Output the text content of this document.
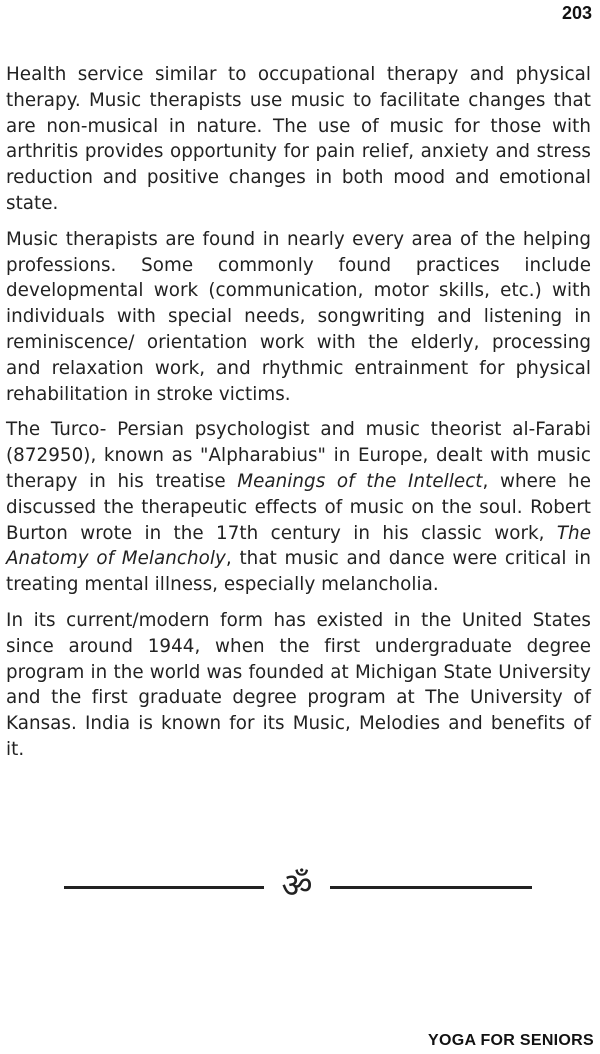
203

Health service similar to occupational therapy and physical therapy. Music therapists use music to facilitate changes that are non-musical in nature. The use of music for those with arthritis provides opportunity for pain relief, anxiety and stress reduction and positive changes in both mood and emotional state.

Music therapists are found in nearly every area of the helping professions. Some commonly found practices include developmental work (communication, motor skills, etc.) with individuals with special needs, songwriting and listening in reminiscence/ orientation work with the elderly, processing and relaxation work, and rhythmic entrainment for physical rehabilitation in stroke victims.

The Turco- Persian psychologist and music theorist al-Farabi (872950), known as "Alpharabius" in Europe, dealt with music therapy in his treatise Meanings of the Intellect, where he discussed the therapeutic effects of music on the soul. Robert Burton wrote in the 17th century in his classic work, The Anatomy of Melancholy, that music and dance were critical in treating mental illness, especially melancholia.

In its current/modern form has existed in the United States since around 1944, when the first undergraduate degree program in the world was founded at Michigan State University and the first graduate degree program at The University of Kansas. India is known for its Music, Melodies and benefits of it.

ॐ
YOGA FOR SENIORS
